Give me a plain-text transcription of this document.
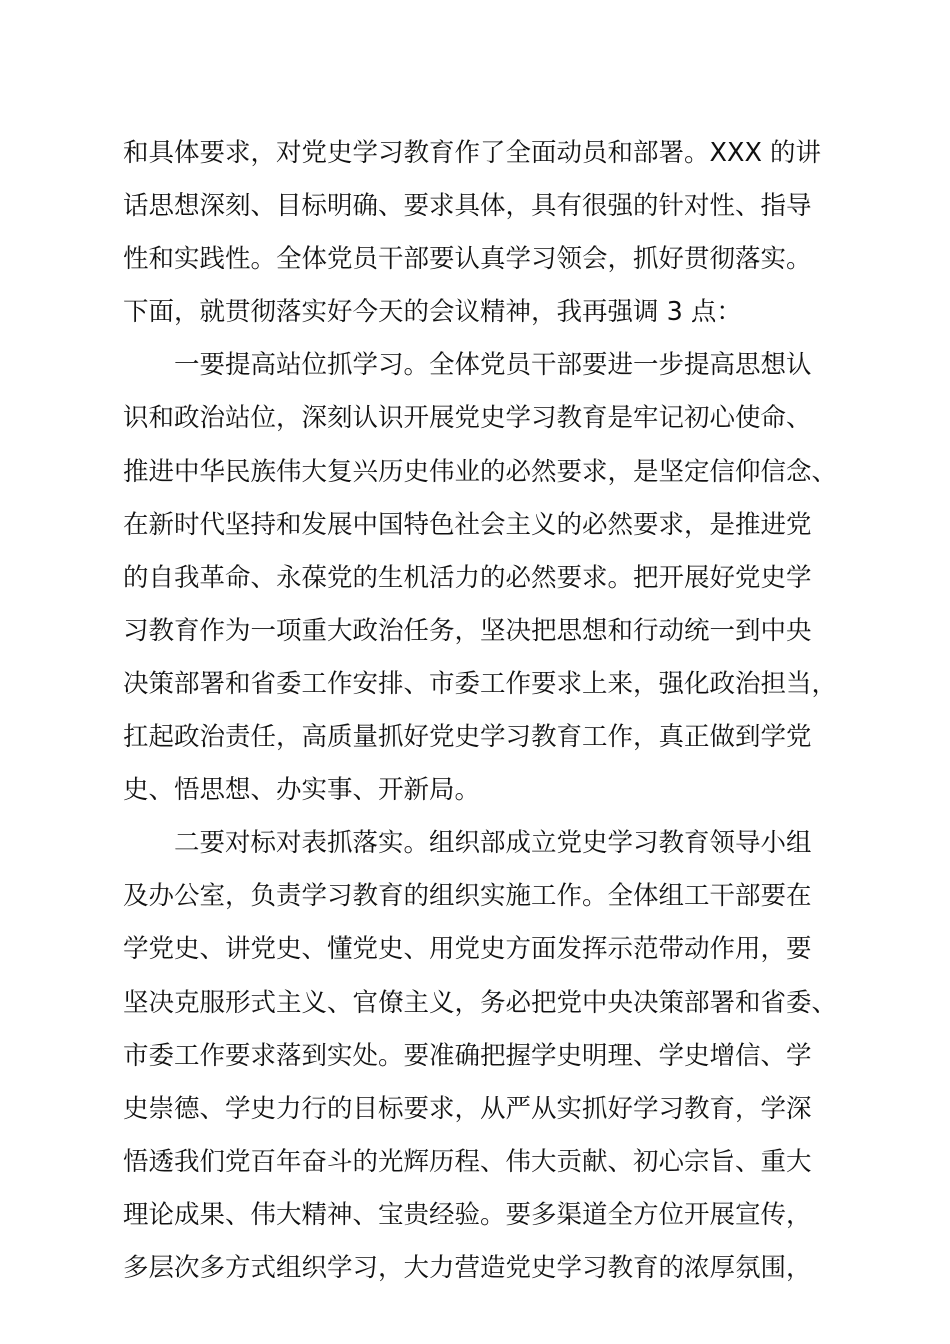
和具体要求，对党史学习教育作了全面动员和部署。XXX 的讲
话思想深刻、目标明确、要求具体，具有很强的针对性、指导
性和实践性。全体党员干部要认真学习领会，抓好贯彻落实。
下面，就贯彻落实好今天的会议精神，我再强调 3 点：
一要提高站位抓学习。全体党员干部要进一步提高思想认
识和政治站位，深刻认识开展党史学习教育是牢记初心使命、
推进中华民族伟大复兴历史伟业的必然要求，是坚定信仰信念、
在新时代坚持和发展中国特色社会主义的必然要求，是推进党
的自我革命、永葆党的生机活力的必然要求。把开展好党史学
习教育作为一项重大政治任务，坚决把思想和行动统一到中央
决策部署和省委工作安排、市委工作要求上来，强化政治担当，
扛起政治责任，高质量抓好党史学习教育工作，真正做到学党
史、悟思想、办实事、开新局。
二要对标对表抓落实。组织部成立党史学习教育领导小组
及办公室，负责学习教育的组织实施工作。全体组工干部要在
学党史、讲党史、懂党史、用党史方面发挥示范带动作用，要
坚决克服形式主义、官僚主义，务必把党中央决策部署和省委、
市委工作要求落到实处。要准确把握学史明理、学史增信、学
史崇德、学史力行的目标要求，从严从实抓好学习教育，学深
悟透我们党百年奋斗的光辉历程、伟大贡献、初心宗旨、重大
理论成果、伟大精神、宝贵经验。要多渠道全方位开展宣传，
多层次多方式组织学习，大力营造党史学习教育的浓厚氛围，
